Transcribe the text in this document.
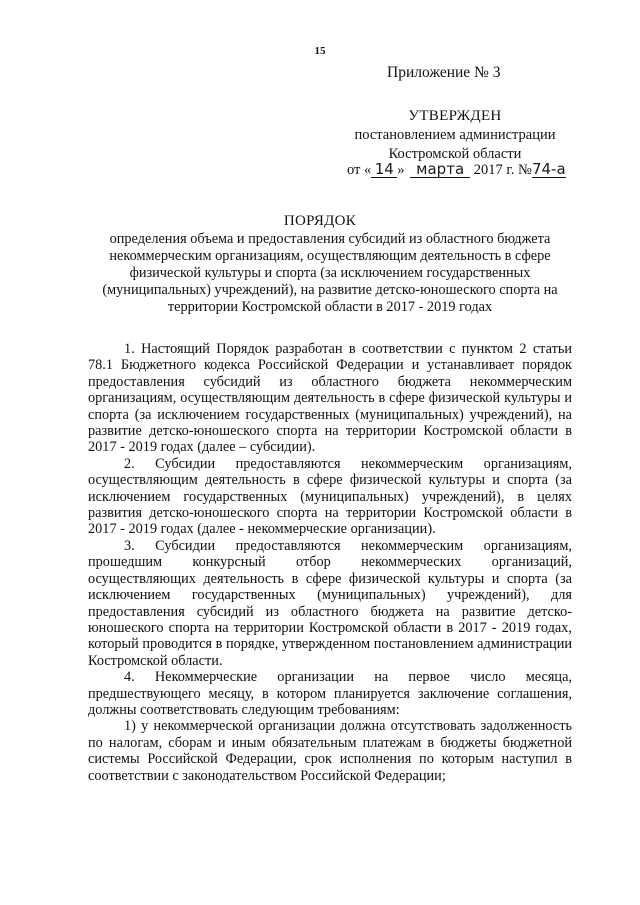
15
Приложение № 3
УТВЕРЖДЕН
постановлением администрации
Костромской области
от « 14 » марта 2017 г. №74-а
ПОРЯДОК
определения объема и предоставления субсидий из областного бюджета
некоммерческим организациям, осуществляющим деятельность в сфере
физической культуры и спорта (за исключением государственных
(муниципальных) учреждений), на развитие детско-юношеского спорта на
территории Костромской области в 2017 - 2019 годах

1. Настоящий Порядок разработан в соответствии с пунктом 2 статьи 78.1 Бюджетного кодекса Российской Федерации и устанавливает порядок предоставления субсидий из областного бюджета некоммерческим организациям, осуществляющим деятельность в сфере физической культуры и спорта (за исключением государственных (муниципальных) учреждений), на развитие детско-юношеского спорта на территории Костромской области в 2017 - 2019 годах (далее – субсидии).

2. Субсидии предоставляются некоммерческим организациям, осуществляющим деятельность в сфере физической культуры и спорта (за исключением государственных (муниципальных) учреждений), в целях развития детско-юношеского спорта на территории Костромской области в 2017 - 2019 годах (далее - некоммерческие организации).

3. Субсидии предоставляются некоммерческим организациям, прошедшим конкурсный отбор некоммерческих организаций, осуществляющих деятельность в сфере физической культуры и спорта (за исключением государственных (муниципальных) учреждений), для предоставления субсидий из областного бюджета на развитие детско-юношеского спорта на территории Костромской области в 2017 - 2019 годах, который проводится в порядке, утвержденном постановлением администрации Костромской области.

4. Некоммерческие организации на первое число месяца, предшествующего месяцу, в котором планируется заключение соглашения, должны соответствовать следующим требованиям:

1) у некоммерческой организации должна отсутствовать задолженность по налогам, сборам и иным обязательным платежам в бюджеты бюджетной системы Российской Федерации, срок исполнения по которым наступил в соответствии с законодательством Российской Федерации;
